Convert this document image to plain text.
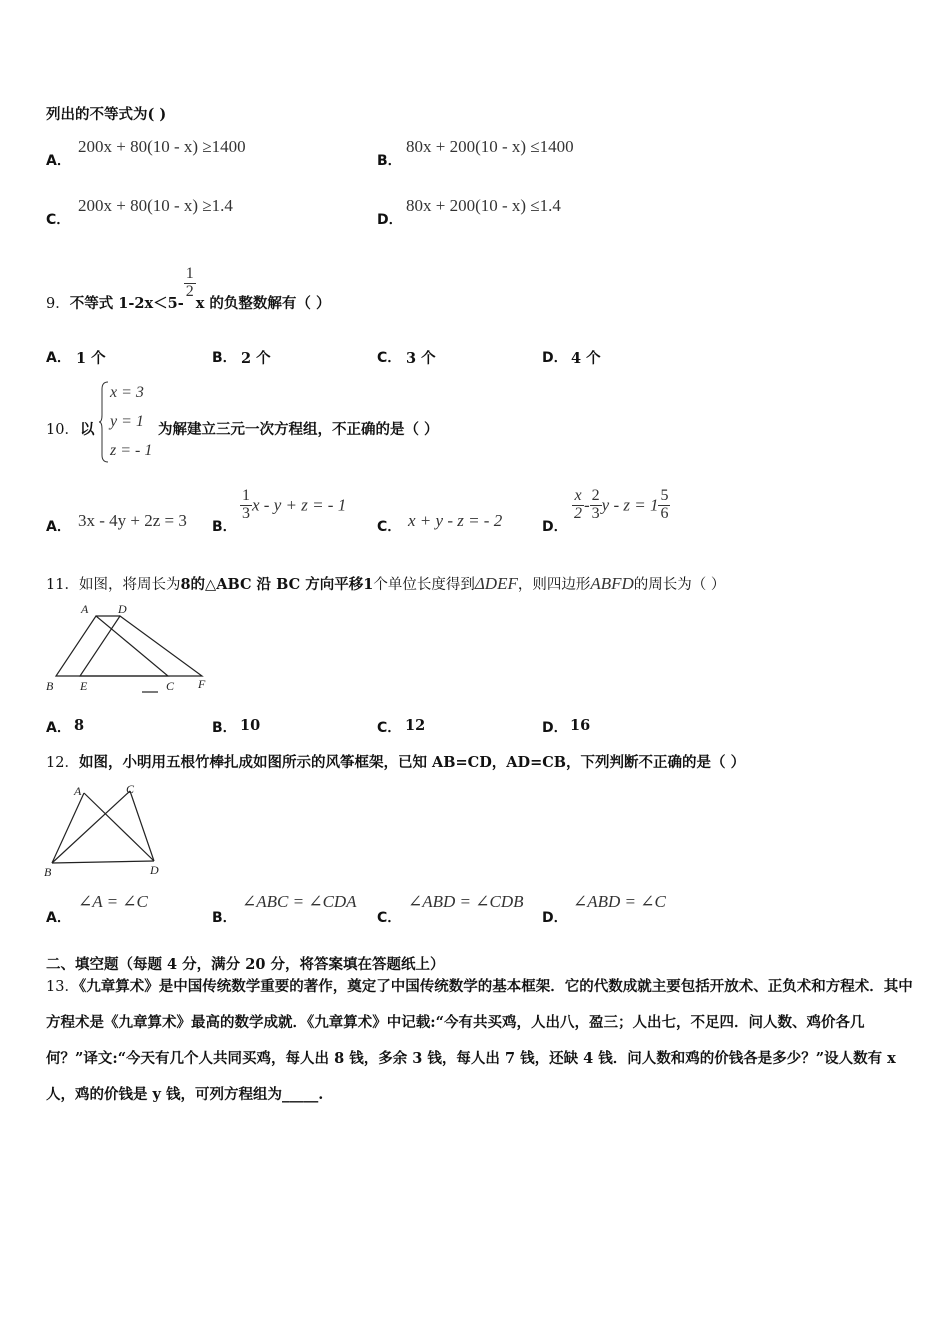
列出的不等式为( )
A．
200x + 80(10 - x) ≥1400
B．
80x + 200(10 - x) ≤1400
C．
200x + 80(10 - x) ≥1.4
D．
80x + 200(10 - x) ≤1.4
9．不等式 1-2x＜5-
$\frac{1}{2}$
x 的负整数解有（ ）
A． 1 个	B． 2 个	C． 3 个	D． 4 个
10． 以
x = 3
y = 1
z = - 1
为解建立三元一次方程组，不正确的是（ ）
A． 3x - 4y + 2z = 3 B．
$\frac{1}{3}$ x - y + z = - 1
C． x + y - z = - 2	D．
$\frac{x}{2} - \frac{2}{3}$ $y - z = 1 \frac{5}{6}$
11．如图，将周长为8的△ABC 沿 BC 方向平移1个单位长度得到ΔDEF，则四边形ABFD的周长为（ ）
A D
B E	C F
A． 8	B． 10	C． 12	D． 16
12．如图，小明用五根竹棒扎成如图所示的风筝框架，已知 AB=CD，AD=CB，下列判断不正确的是（ ）
A	C
B	D
A．
∠A = ∠C
B．
∠ABC = ∠CDA
C．
∠ABD = ∠CDB
D．
∠ABD = ∠C
二、填空题（每题 4 分，满分 20 分，将答案填在答题纸上）
13．《九章算术》是中国传统数学重要的著作，奠定了中国传统数学的基本框架．它的代数成就主要包括开放术、正负术和方程术．其中方程术是《九章算术》最高的数学成就．《九章算术》中记载:“今有共买鸡，人出八，盈三；人出七，不足四．问人数、鸡价各几何？”译文:“今天有几个人共同买鸡，每人出 8 钱，多余 3 钱，每人出 7 钱，还缺 4 钱．问人数和鸡的价钱各是多少？”设人数有 x 人，鸡的价钱是 y 钱，可列方程组为_____.
